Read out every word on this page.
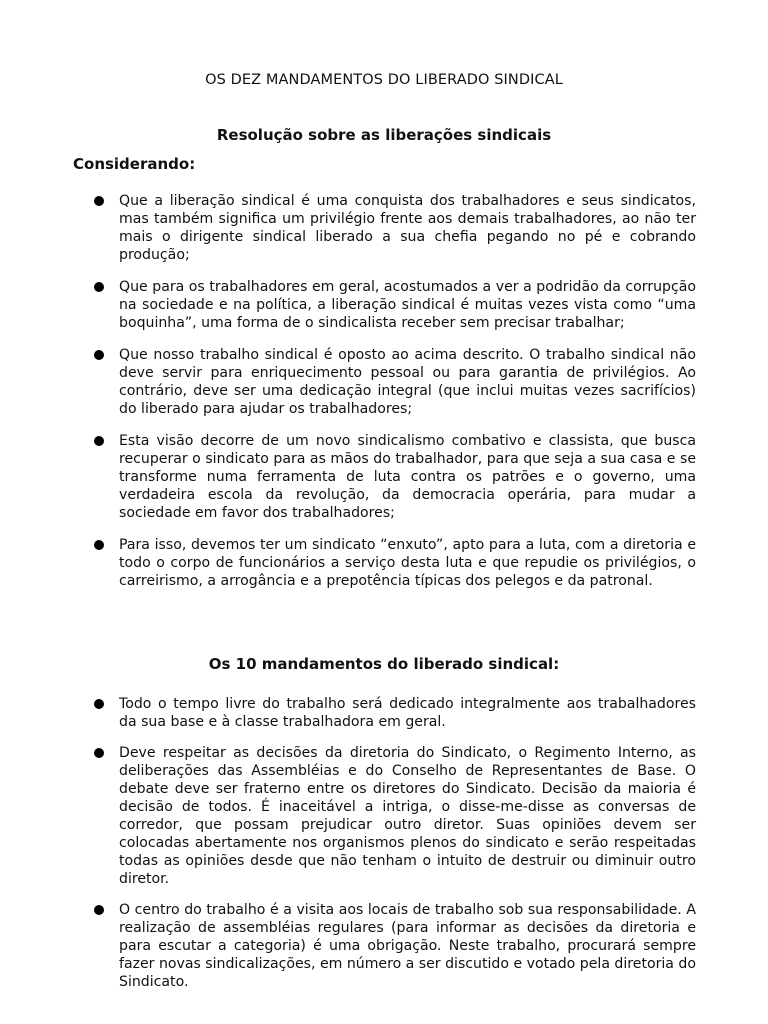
OS DEZ MANDAMENTOS DO LIBERADO SINDICAL
Resolução sobre as liberações sindicais
Considerando:
Que a liberação sindical é uma conquista dos trabalhadores e seus sindicatos, mas também significa um privilégio frente aos demais trabalhadores, ao não ter mais o dirigente sindical liberado a sua chefia pegando no pé e cobrando produção;
Que para os trabalhadores em geral, acostumados a ver a podridão da corrupção na sociedade e na política, a liberação sindical é muitas vezes vista como “uma boquinha”, uma forma de o sindicalista receber sem precisar trabalhar;
Que nosso trabalho sindical é oposto ao acima descrito. O trabalho sindical não deve servir para enriquecimento pessoal ou para garantia de privilégios. Ao contrário, deve ser uma dedicação integral (que inclui muitas vezes sacrifícios) do liberado para ajudar os trabalhadores;
Esta visão decorre de um novo sindicalismo combativo e classista, que busca recuperar o sindicato para as mãos do trabalhador, para que seja a sua casa e se transforme numa ferramenta de luta contra os patrões e o governo, uma verdadeira escola da revolução, da democracia operária, para mudar a sociedade em favor dos trabalhadores;
Para isso, devemos ter um sindicato “enxuto”, apto para a luta, com a diretoria e todo o corpo de funcionários a serviço desta luta e que repudie os privilégios, o carreirismo, a arrogância e a prepotência típicas dos pelegos e da patronal.
Os 10 mandamentos do liberado sindical:
Todo o tempo livre do trabalho será dedicado integralmente aos trabalhadores da sua base e à classe trabalhadora em geral.
Deve respeitar as decisões da diretoria do Sindicato, o Regimento Interno, as deliberações das Assembléias e do Conselho de Representantes de Base. O debate deve ser fraterno entre os diretores do Sindicato. Decisão da maioria é decisão de todos. É inaceitável a intriga, o disse-me-disse as conversas de corredor, que possam prejudicar outro diretor. Suas opiniões devem ser colocadas abertamente nos organismos plenos do sindicato e serão respeitadas todas as opiniões desde que não tenham o intuito de destruir ou diminuir outro diretor.
O centro do trabalho é a visita aos locais de trabalho sob sua responsabilidade. A realização de assembléias regulares (para informar as decisões da diretoria e para escutar a categoria) é uma obrigação. Neste trabalho, procurará sempre fazer novas sindicalizações, em número a ser discutido e votado pela diretoria do Sindicato.
